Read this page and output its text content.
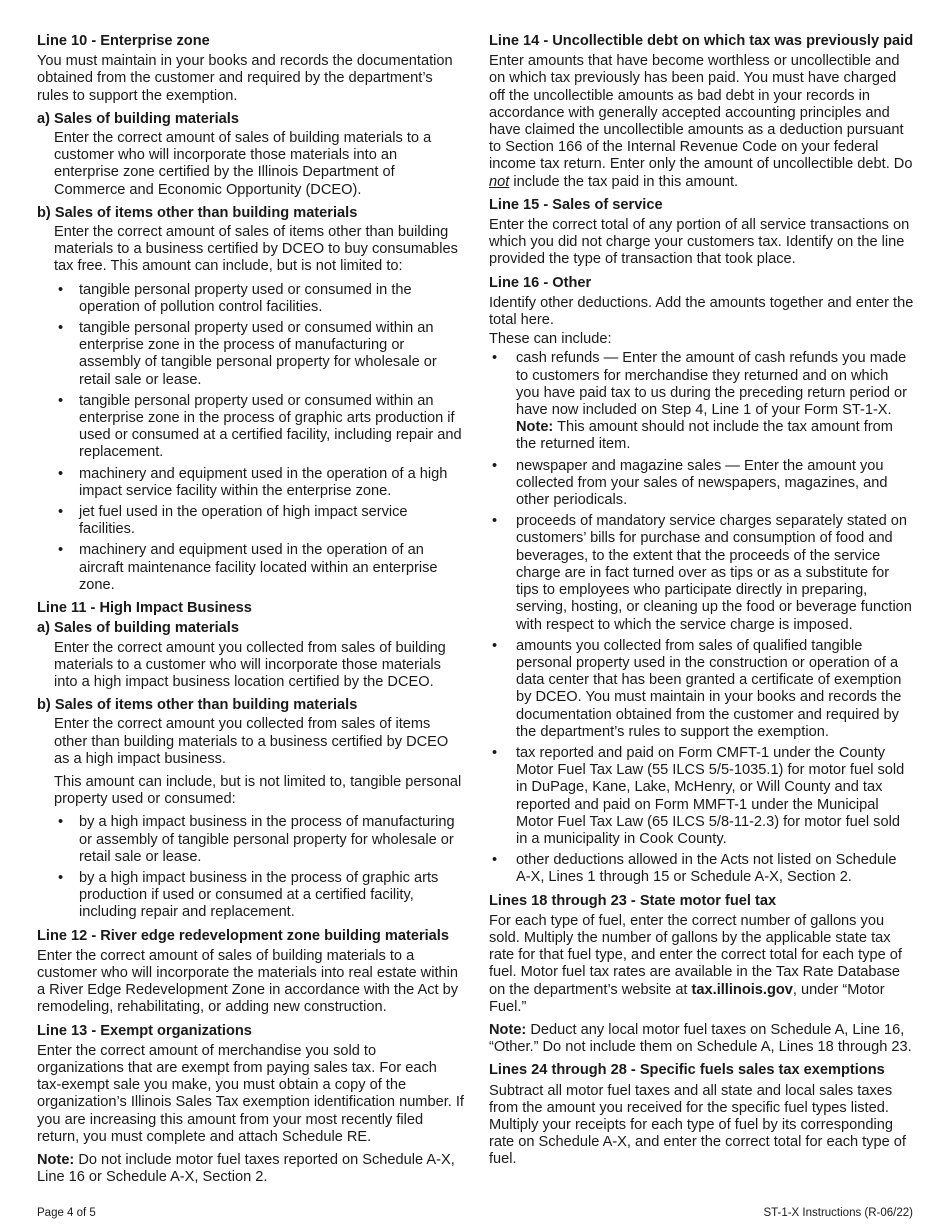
Line 10 - Enterprise zone

You must maintain in your books and records the documentation obtained from the customer and required by the department’s rules to support the exemption.

a) Sales of building materials

Enter the correct amount of sales of building materials to a customer who will incorporate those materials into an enterprise zone certified by the Illinois Department of Commerce and Economic Opportunity (DCEO).

b) Sales of items other than building materials

Enter the correct amount of sales of items other than building materials to a business certified by DCEO to buy consumables tax free. This amount can include, but is not limited to:

• tangible personal property used or consumed in the operation of pollution control facilities.
• tangible personal property used or consumed within an enterprise zone in the process of manufacturing or assembly of tangible personal property for wholesale or retail sale or lease.
• tangible personal property used or consumed within an enterprise zone in the process of graphic arts production if used or consumed at a certified facility, including repair and replacement.
• machinery and equipment used in the operation of a high impact service facility within the enterprise zone.
• jet fuel used in the operation of high impact service facilities.
• machinery and equipment used in the operation of an aircraft maintenance facility located within an enterprise zone.
Line 11 - High Impact Business
a) Sales of building materials

Enter the correct amount you collected from sales of building materials to a customer who will incorporate those materials into a high impact business location certified by the DCEO.

b) Sales of items other than building materials

Enter the correct amount you collected from sales of items other than building materials to a business certified by DCEO as a high impact business.

This amount can include, but is not limited to, tangible personal property used or consumed:

• by a high impact business in the process of manufacturing or assembly of tangible personal property for wholesale or retail sale or lease.
• by a high impact business in the process of graphic arts production if used or consumed at a certified facility, including repair and replacement.
Line 12 - River edge redevelopment zone building materials

Enter the correct amount of sales of building materials to a customer who will incorporate the materials into real estate within a River Edge Redevelopment Zone in accordance with the Act by remodeling, rehabilitating, or adding new construction.

Line 13 - Exempt organizations

Enter the correct amount of merchandise you sold to organizations that are exempt from paying sales tax. For each tax-exempt sale you make, you must obtain a copy of the organization’s Illinois Sales Tax exemption identification number. If you are increasing this amount from your most recently filed return, you must complete and attach Schedule RE.

Note: Do not include motor fuel taxes reported on Schedule A-X, Line 16 or Schedule A-X, Section 2.

Line 14 - Uncollectible debt on which tax was previously paid

Enter amounts that have become worthless or uncollectible and on which tax previously has been paid. You must have charged off the uncollectible amounts as bad debt in your records in accordance with generally accepted accounting principles and have claimed the uncollectible amounts as a deduction pursuant to Section 166 of the Internal Revenue Code on your federal income tax return. Enter only the amount of uncollectible debt. Do not include the tax paid in this amount.

Line 15 - Sales of service

Enter the correct total of any portion of all service transactions on which you did not charge your customers tax. Identify on the line provided the type of transaction that took place.

Line 16 - Other

Identify other deductions. Add the amounts together and enter the total here.

These can include:

• cash refunds — Enter the amount of cash refunds you made to customers for merchandise they returned and on which you have paid tax to us during the preceding return period or have now included on Step 4, Line 1 of your Form ST-1-X.
Note: This amount should not include the tax amount from the returned item.
• newspaper and magazine sales — Enter the amount you collected from your sales of newspapers, magazines, and other periodicals.
• proceeds of mandatory service charges separately stated on customers’ bills for purchase and consumption of food and beverages, to the extent that the proceeds of the service charge are in fact turned over as tips or as a substitute for tips to employees who participate directly in preparing, serving, hosting, or cleaning up the food or beverage function with respect to which the service charge is imposed.
• amounts you collected from sales of qualified tangible personal property used in the construction or operation of a data center that has been granted a certificate of exemption by DCEO. You must maintain in your books and records the documentation obtained from the customer and required by the department’s rules to support the exemption.
• tax reported and paid on Form CMFT-1 under the County Motor Fuel Tax Law (55 ILCS 5/5-1035.1) for motor fuel sold in DuPage, Kane, Lake, McHenry, or Will County and tax reported and paid on Form MMFT-1 under the Municipal Motor Fuel Tax Law (65 ILCS 5/8-11-2.3) for motor fuel sold in a municipality in Cook County.
• other deductions allowed in the Acts not listed on Schedule A-X, Lines 1 through 15 or Schedule A-X, Section 2.
Lines 18 through 23 - State motor fuel tax

For each type of fuel, enter the correct number of gallons you sold. Multiply the number of gallons by the applicable state tax rate for that fuel type, and enter the correct total for each type of fuel. Motor fuel tax rates are available in the Tax Rate Database on the department’s website at tax.illinois.gov, under “Motor Fuel.”

Note: Deduct any local motor fuel taxes on Schedule A, Line 16, “Other.” Do not include them on Schedule A, Lines 18 through 23.

Lines 24 through 28 - Specific fuels sales tax exemptions

Subtract all motor fuel taxes and all state and local sales taxes from the amount you received for the specific fuel types listed. Multiply your receipts for each type of fuel by its corresponding rate on Schedule A-X, and enter the correct total for each type of fuel.

Page 4 of 5	ST-1-X Instructions (R-06/22)
